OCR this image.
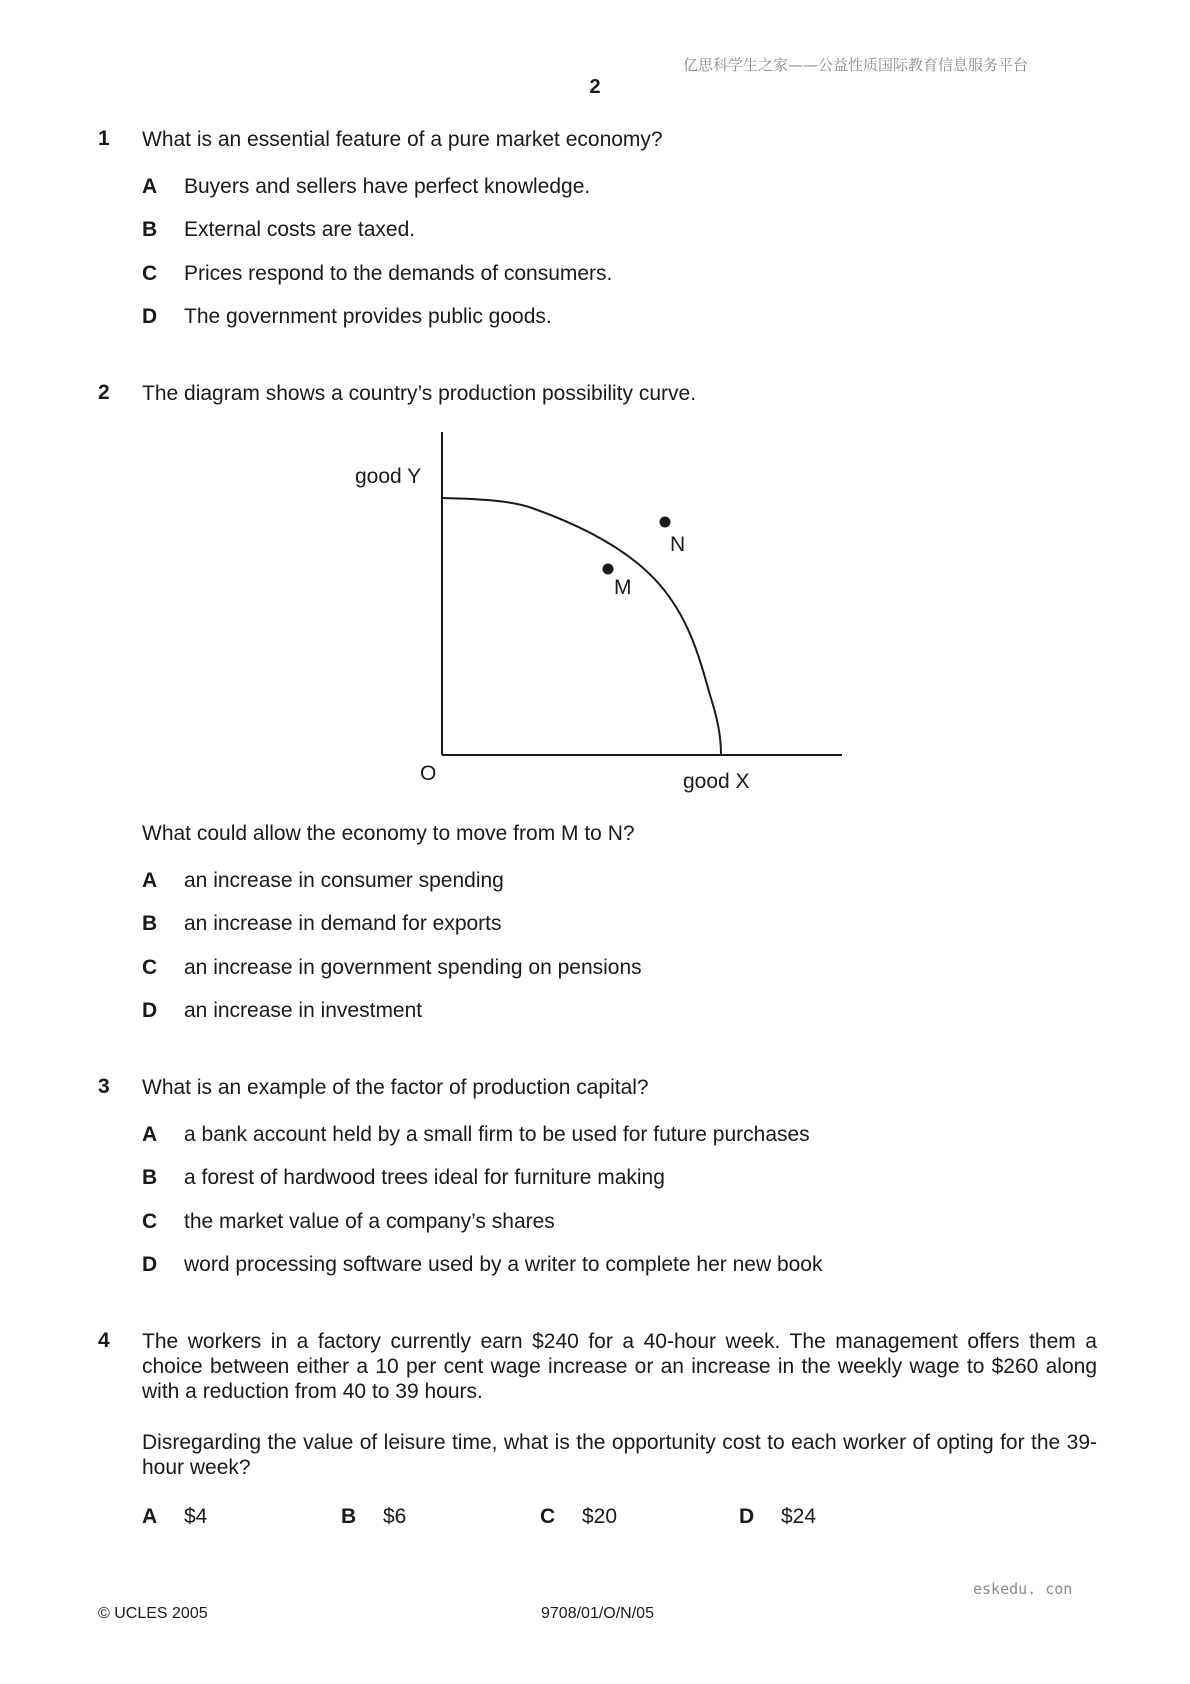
亿思科学生之家——公益性质国际教育信息服务平台
2
1 What is an essential feature of a pure market economy?
A Buyers and sellers have perfect knowledge.
B External costs are taxed.
C Prices respond to the demands of consumers.
D The government provides public goods.
2 The diagram shows a country’s production possibility curve.
good Y
good X
O
M
N
What could allow the economy to move from M to N?
A an increase in consumer spending
B an increase in demand for exports
C an increase in government spending on pensions
D an increase in investment
3 What is an example of the factor of production capital?
A a bank account held by a small firm to be used for future purchases
B a forest of hardwood trees ideal for furniture making
C the market value of a company’s shares
D word processing software used by a writer to complete her new book
4 The workers in a factory currently earn $240 for a 40-hour week. The management offers them a choice between either a 10 per cent wage increase or an increase in the weekly wage to $260 along with a reduction from 40 to 39 hours.
Disregarding the value of leisure time, what is the opportunity cost to each worker of opting for the 39-hour week?
A $4	B $6	C $20	D $24
eskedu. con
© UCLES 2005	9708/01/O/N/05
